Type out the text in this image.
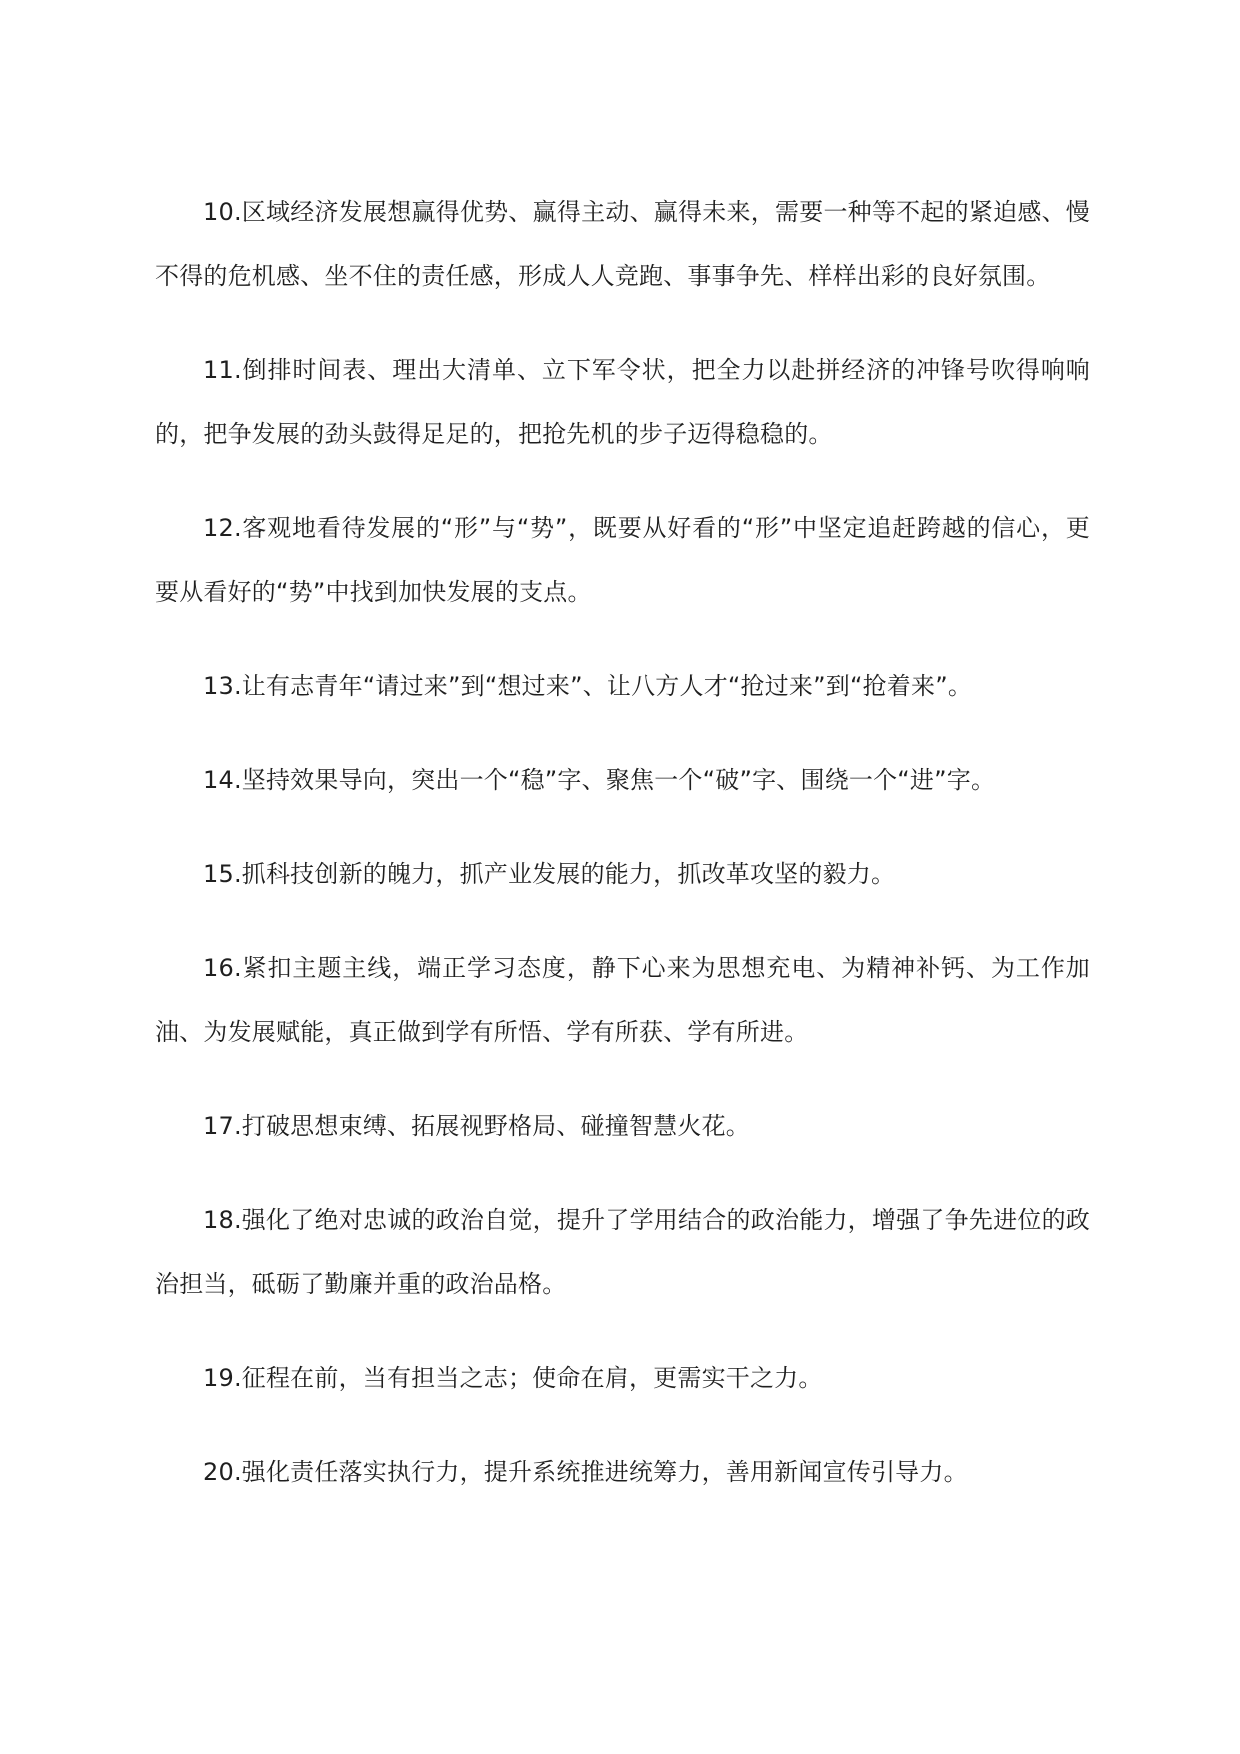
10.区域经济发展想赢得优势、赢得主动、赢得未来，需要一种等不起的紧迫感、慢不得的危机感、坐不住的责任感，形成人人竞跑、事事争先、样样出彩的良好氛围。

11.倒排时间表、理出大清单、立下军令状，把全力以赴拼经济的冲锋号吹得响响的，把争发展的劲头鼓得足足的，把抢先机的步子迈得稳稳的。

12.客观地看待发展的“形”与“势”，既要从好看的“形”中坚定追赶跨越的信心，更要从看好的“势”中找到加快发展的支点。

13.让有志青年“请过来”到“想过来”、让八方人才“抢过来”到“抢着来”。

14.坚持效果导向，突出一个“稳”字、聚焦一个“破”字、围绕一个“进”字。

15.抓科技创新的魄力，抓产业发展的能力，抓改革攻坚的毅力。

16.紧扣主题主线，端正学习态度，静下心来为思想充电、为精神补钙、为工作加油、为发展赋能，真正做到学有所悟、学有所获、学有所进。

17.打破思想束缚、拓展视野格局、碰撞智慧火花。

18.强化了绝对忠诚的政治自觉，提升了学用结合的政治能力，增强了争先进位的政治担当，砥砺了勤廉并重的政治品格。

19.征程在前，当有担当之志；使命在肩，更需实干之力。

20.强化责任落实执行力，提升系统推进统筹力，善用新闻宣传引导力。
